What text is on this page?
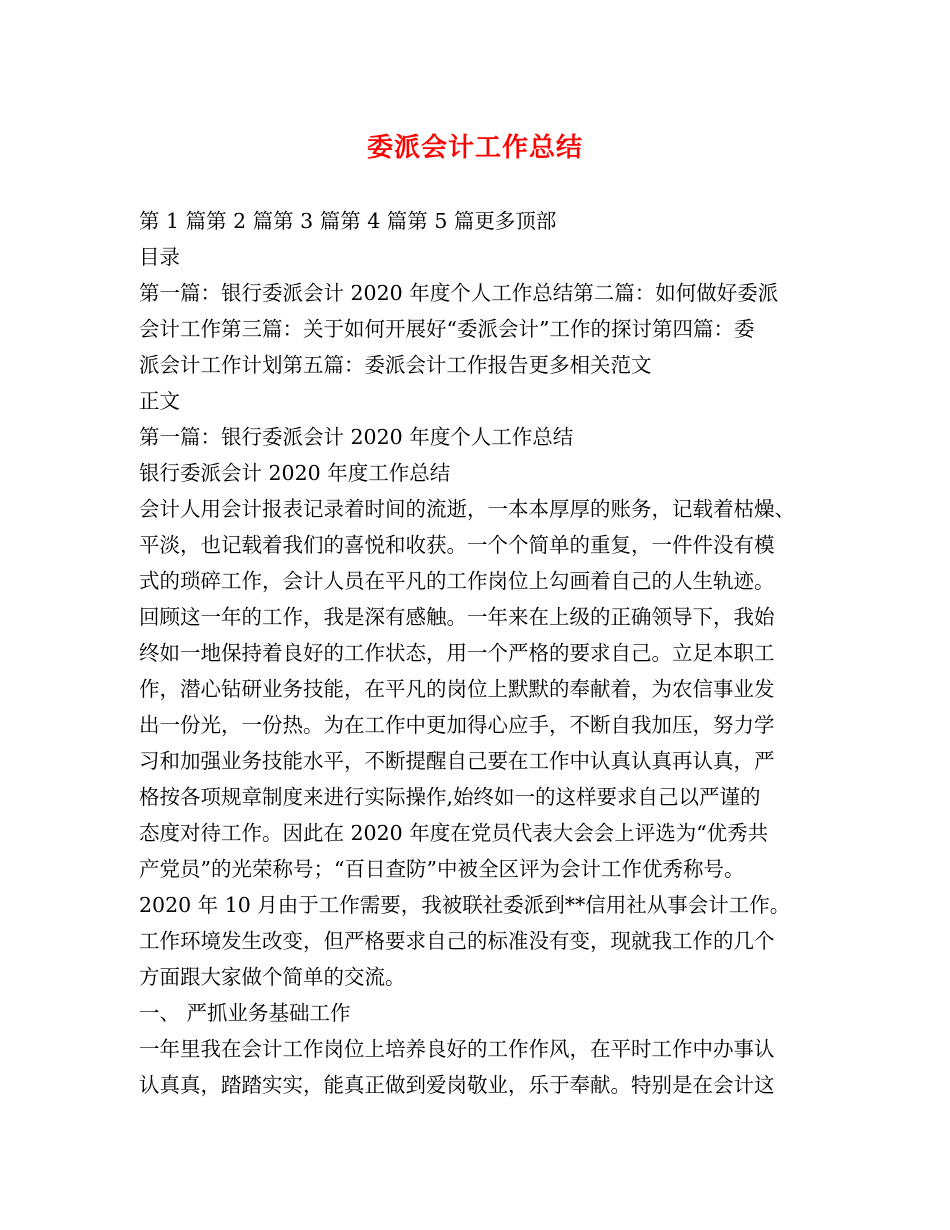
委派会计工作总结
第 1 篇第 2 篇第 3 篇第 4 篇第 5 篇更多顶部
目录
第一篇：银行委派会计 2020 年度个人工作总结第二篇：如何做好委派
会计工作第三篇：关于如何开展好“委派会计”工作的探讨第四篇：委
派会计工作计划第五篇：委派会计工作报告更多相关范文
正文
第一篇：银行委派会计 2020 年度个人工作总结
银行委派会计 2020 年度工作总结
会计人用会计报表记录着时间的流逝，一本本厚厚的账务，记载着枯燥、
平淡，也记载着我们的喜悦和收获。一个个简单的重复，一件件没有模
式的琐碎工作，会计人员在平凡的工作岗位上勾画着自己的人生轨迹。
回顾这一年的工作，我是深有感触。一年来在上级的正确领导下，我始
终如一地保持着良好的工作状态，用一个严格的要求自己。立足本职工
作，潜心钻研业务技能，在平凡的岗位上默默的奉献着，为农信事业发
出一份光，一份热。为在工作中更加得心应手，不断自我加压，努力学
习和加强业务技能水平，不断提醒自己要在工作中认真认真再认真，严
格按各项规章制度来进行实际操作,始终如一的这样要求自己以严谨的
态度对待工作。因此在 2020 年度在党员代表大会会上评选为“优秀共
产党员”的光荣称号；“百日查防”中被全区评为会计工作优秀称号。
2020 年 10 月由于工作需要，我被联社委派到**信用社从事会计工作。
工作环境发生改变，但严格要求自己的标准没有变，现就我工作的几个
方面跟大家做个简单的交流。
一、 严抓业务基础工作
一年里我在会计工作岗位上培养良好的工作作风，在平时工作中办事认
认真真，踏踏实实，能真正做到爱岗敬业，乐于奉献。特别是在会计这
